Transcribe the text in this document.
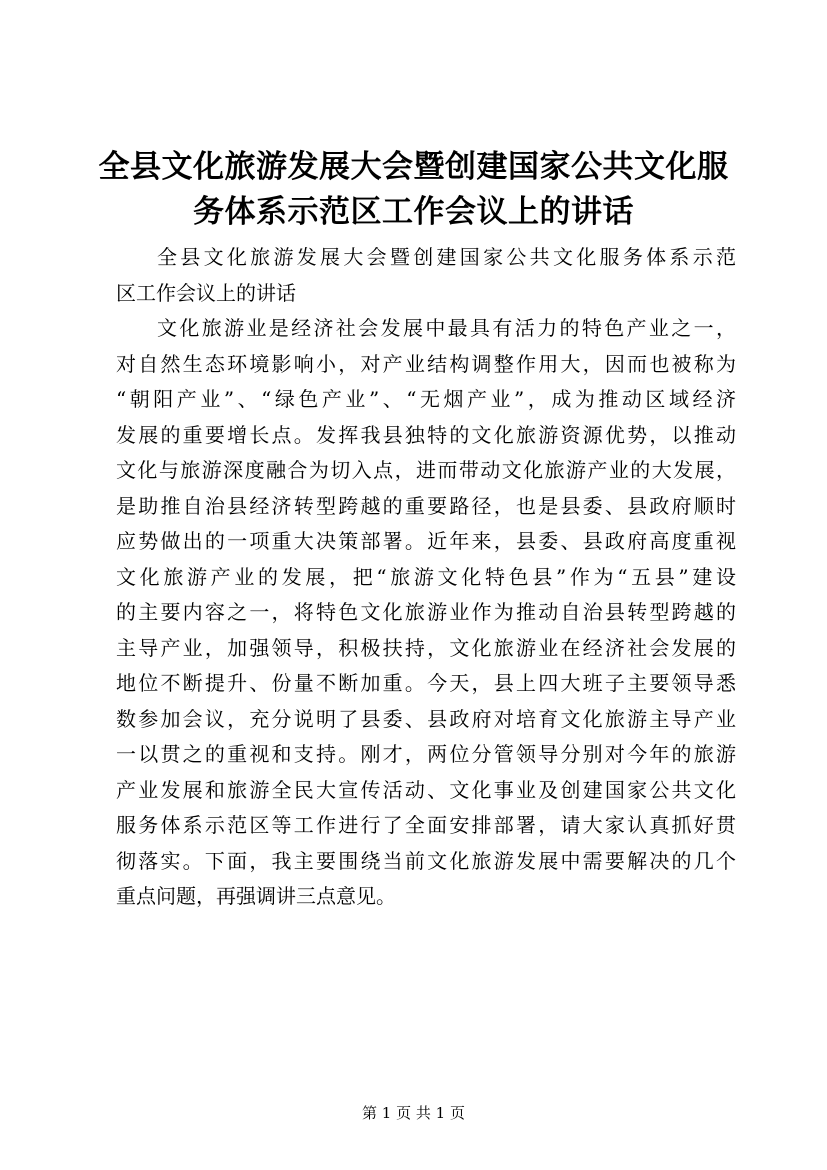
全县文化旅游发展大会暨创建国家公共文化服
务体系示范区工作会议上的讲话
全县文化旅游发展大会暨创建国家公共文化服务体系示范
区工作会议上的讲话
文化旅游业是经济社会发展中最具有活力的特色产业之一，
对自然生态环境影响小，对产业结构调整作用大，因而也被称为
“朝阳产业”、“绿色产业”、“无烟产业”，成为推动区域经济
发展的重要增长点。发挥我县独特的文化旅游资源优势，以推动
文化与旅游深度融合为切入点，进而带动文化旅游产业的大发展，
是助推自治县经济转型跨越的重要路径，也是县委、县政府顺时
应势做出的一项重大决策部署。近年来，县委、县政府高度重视
文化旅游产业的发展，把“旅游文化特色县”作为“五县”建设
的主要内容之一，将特色文化旅游业作为推动自治县转型跨越的
主导产业，加强领导，积极扶持，文化旅游业在经济社会发展的
地位不断提升、份量不断加重。今天，县上四大班子主要领导悉
数参加会议，充分说明了县委、县政府对培育文化旅游主导产业
一以贯之的重视和支持。刚才，两位分管领导分别对今年的旅游
产业发展和旅游全民大宣传活动、文化事业及创建国家公共文化
服务体系示范区等工作进行了全面安排部署，请大家认真抓好贯
彻落实。下面，我主要围绕当前文化旅游发展中需要解决的几个
重点问题，再强调讲三点意见。
第 1 页 共 1 页
